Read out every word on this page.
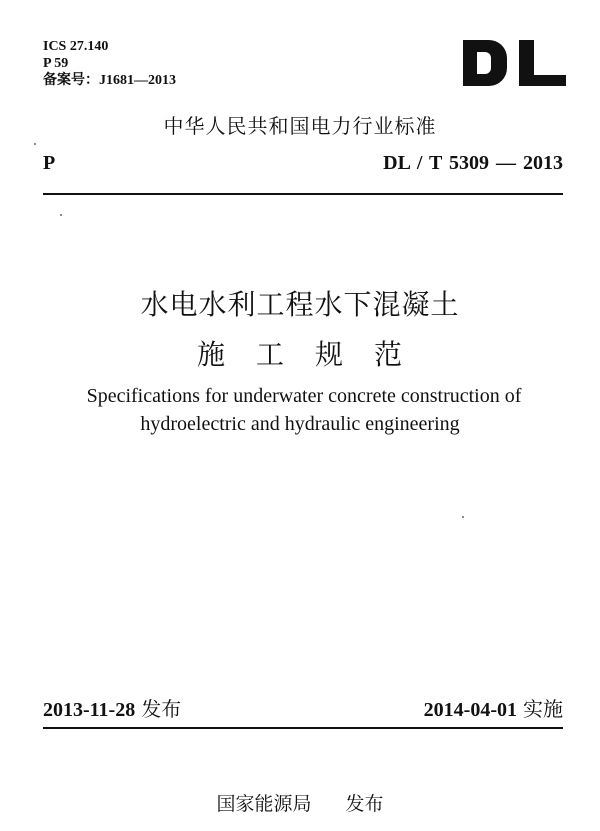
ICS 27.140
P 59
备案号：J1681—2013
中华人民共和国电力行业标准
P	DL / T 5309 — 2013
水电水利工程水下混凝土
施 工 规 范
Specifications for underwater concrete construction of
hydroelectric and hydraulic engineering
2013-11-28 发布	2014-04-01 实施
国家能源局 发布
